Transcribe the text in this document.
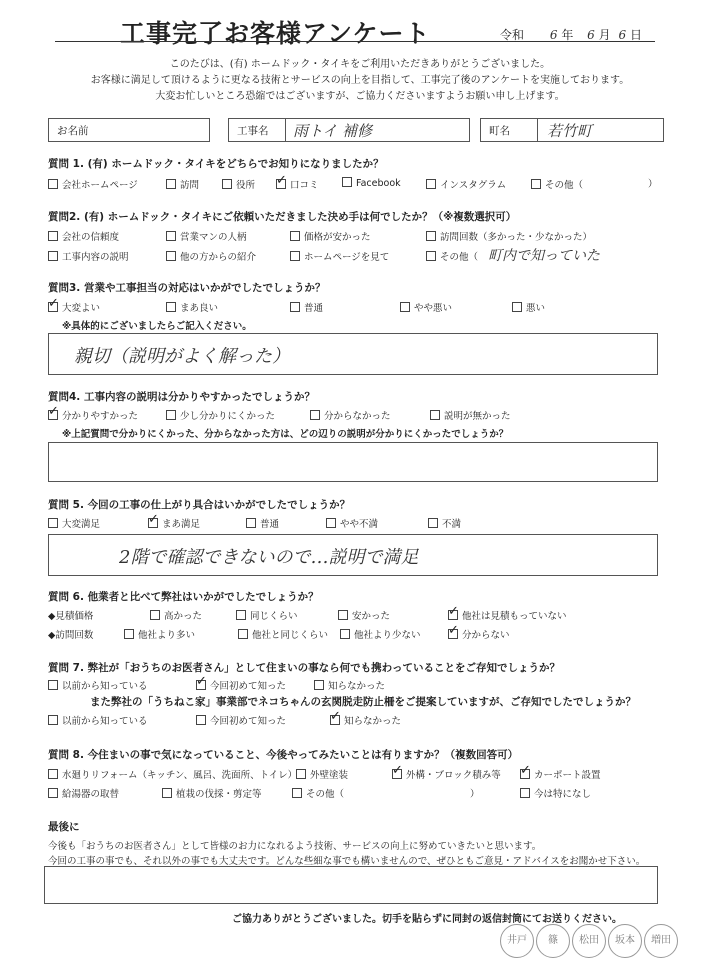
工事完了お客様アンケート	令和 6 年 6 月 6 日
このたびは、(有) ホームドック・タイキをご利用いただきありがとうございました。
お客様に満足して頂けるように更なる技術とサービスの向上を目指して、工事完了後のアンケートを実施しております。
大変お忙しいところ恐縮ではございますが、ご協力くださいますようお願い申し上げます。
お名前	工事名 雨トイ 補修	町名 若竹町
質問 1. (有) ホームドック・タイキをどちらでお知りになりましたか？
会社ホームページ	訪問	役所 ✓	口コミ	Facebook	インスタグラム	その他（	）
質問2. (有) ホームドック・タイキにご依頼いただきました決め手は何でしたか？（※複数選択可）
会社の信頼度	営業マンの人柄	価格が安かった	訪問回数（多かった・少なかった）
工事内容の説明	他の方からの紹介	ホームページを見て	その他（ 町内で知っていた
質問3. 営業や工事担当の対応はいかがでしたでしょうか？
✓大変よい	まあ良い	普通	やや悪い	悪い
※具体的にございましたらご記入ください。
親切（説明がよく解った）
質問4. 工事内容の説明は分かりやすかったでしょうか？
✓分かりやすかった	少し分かりにくかった	分からなかった	説明が無かった
※上記質問で分かりにくかった、分からなかった方は、どの辺りの説明が分かりにくかったでしょうか？
質問 5. 今回の工事の仕上がり具合はいかがでしたでしょうか？
大変満足 ✓	まあ満足	普通	やや不満	不満
2階で確認できないので…説明で満足
質問 6. 他業者と比べて弊社はいかがでしたでしょうか？
◆見積価格
◆訪問回数
高かった	同じくらい	安かった ✓	他社は見積もっていない
他社より多い	他社と同じくらい	他社より少ない ✓	分からない
質問 7. 弊社が「おうちのお医者さん」として住まいの事なら何でも携わっていることをご存知でしょうか？
以前から知っている ✓	今回初めて知った	知らなかった
また弊社の「うちねこ家」事業部でネコちゃんの玄関脱走防止柵をご提案していますが、ご存知でしたでしょうか？
以前から知っている	今回初めて知った ✓	知らなかった
質問 8. 今住まいの事で気になっていること、今後やってみたいことは有りますか？（複数回答可）
水廻りリフォーム（キッチン、風呂、洗面所、トイレ）	外壁塗装 ✓	外構・ブロック積み等 ✓	カーポート設置
給湯器の取替	植栽の伐採・剪定等	その他（	今は特になし
）
最後に
今後も「おうちのお医者さん」として皆様のお力になれるよう技術、サービスの向上に努めていきたいと思います。
今回の工事の事でも、それ以外の事でも大丈夫です。どんな些細な事でも構いませんので、ぜひともご意見・アドバイスをお聞かせ下さい。
ご協力ありがとうございました。切手を貼らずに同封の返信封筒にてお送りください。
井戸	篠	松田	坂本	増田
